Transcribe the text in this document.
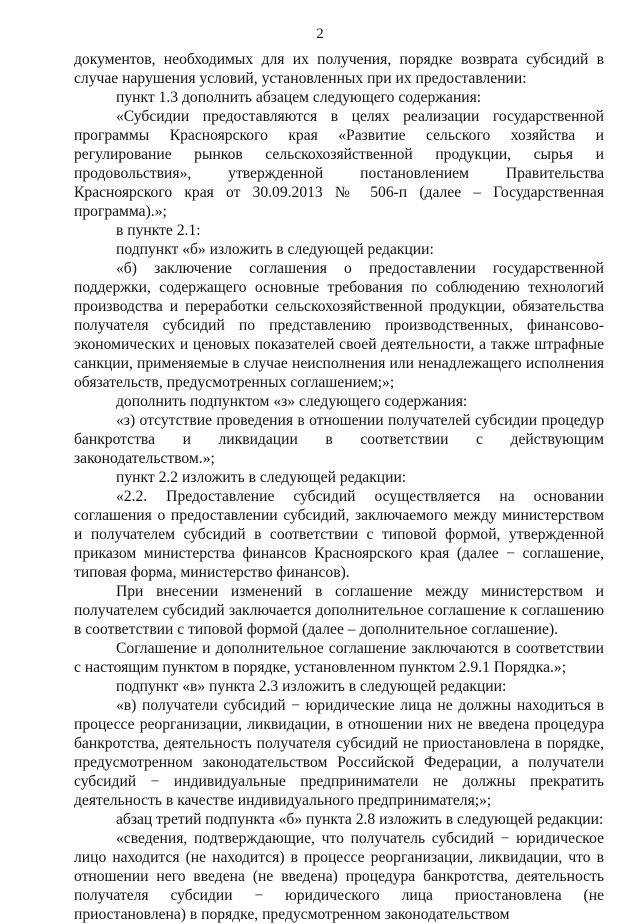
2

документов, необходимых для их получения, порядке возврата субсидий в случае нарушения условий, установленных при их предоставлении:

пункт 1.3 дополнить абзацем следующего содержания:

«Субсидии предоставляются в целях реализации государственной программы Красноярского края «Развитие сельского хозяйства и регулирование рынков сельскохозяйственной продукции, сырья и продовольствия», утвержденной постановлением Правительства Красноярского края от 30.09.2013 № 506-п (далее – Государственная программа).»;

в пункте 2.1:

подпункт «б» изложить в следующей редакции:

«б) заключение соглашения о предоставлении государственной поддержки, содержащего основные требования по соблюдению технологий производства и переработки сельскохозяйственной продукции, обязательства получателя субсидий по представлению производственных, финансово-экономических и ценовых показателей своей деятельности, а также штрафные санкции, применяемые в случае неисполнения или ненадлежащего исполнения обязательств, предусмотренных соглашением;»;

дополнить подпунктом «з» следующего содержания:

«з) отсутствие проведения в отношении получателей субсидии процедур банкротства и ликвидации в соответствии с действующим законодательством.»;

пункт 2.2 изложить в следующей редакции:

«2.2. Предоставление субсидий осуществляется на основании соглашения о предоставлении субсидий, заключаемого между министерством и получателем субсидий в соответствии с типовой формой, утвержденной приказом министерства финансов Красноярского края (далее − соглашение, типовая форма, министерство финансов).

При внесении изменений в соглашение между министерством и получателем субсидий заключается дополнительное соглашение к соглашению в соответствии с типовой формой (далее – дополнительное соглашение).

Соглашение и дополнительное соглашение заключаются в соответствии с настоящим пунктом в порядке, установленном пунктом 2.9.1 Порядка.»;

подпункт «в» пункта 2.3 изложить в следующей редакции:

«в) получатели субсидий − юридические лица не должны находиться в процессе реорганизации, ликвидации, в отношении них не введена процедура банкротства, деятельность получателя субсидий не приостановлена в порядке, предусмотренном законодательством Российской Федерации, а получатели субсидий − индивидуальные предприниматели не должны прекратить деятельность в качестве индивидуального предпринимателя;»;

абзац третий подпункта «б» пункта 2.8 изложить в следующей редакции:

«сведения, подтверждающие, что получатель субсидий − юридическое лицо находится (не находится) в процессе реорганизации, ликвидации, что в отношении него введена (не введена) процедура банкротства, деятельность получателя субсидии − юридического лица приостановлена (не приостановлена) в порядке, предусмотренном законодательством
